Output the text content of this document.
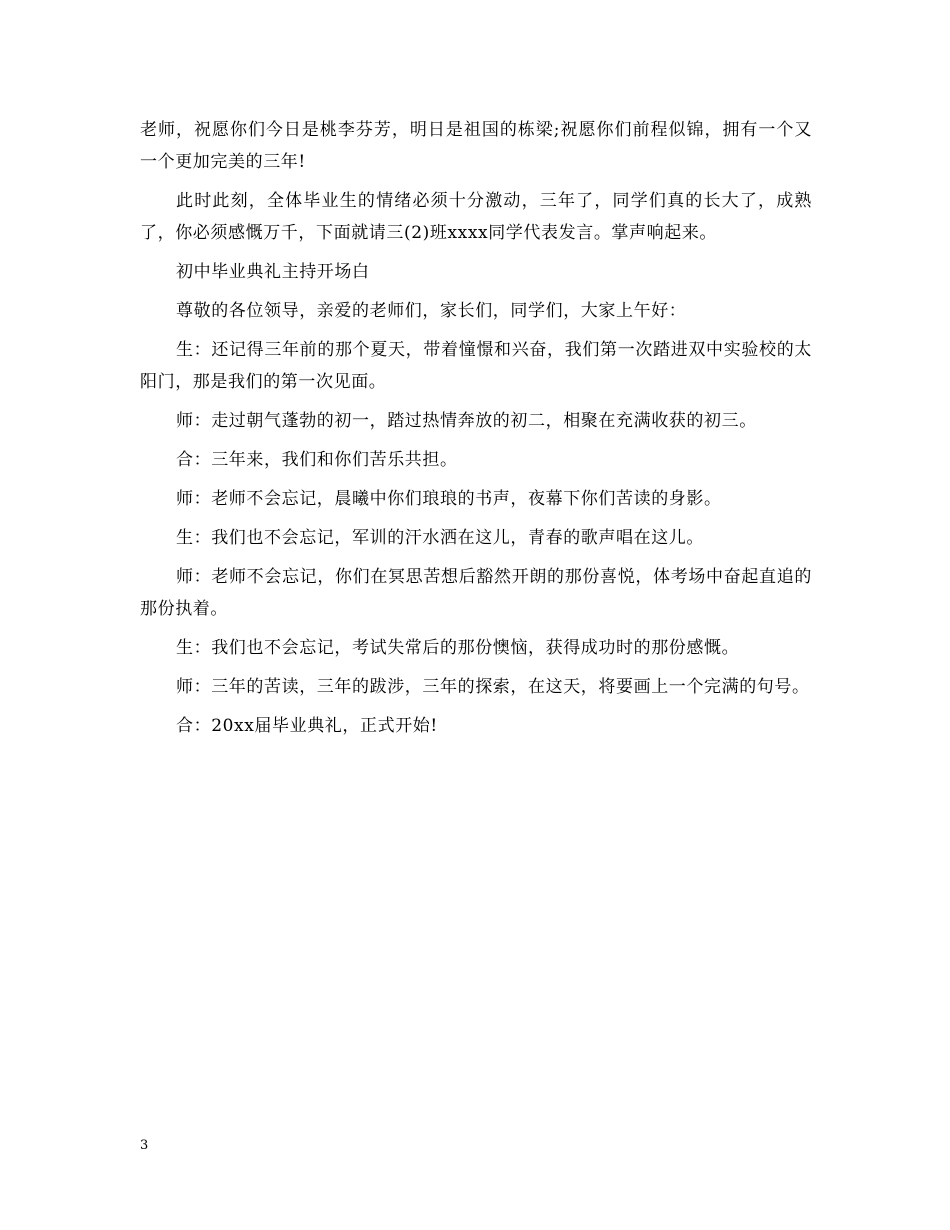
老师，祝愿你们今日是桃李芬芳，明日是祖国的栋梁;祝愿你们前程似锦，拥有一个又一个更加完美的三年!

此时此刻，全体毕业生的情绪必须十分激动，三年了，同学们真的长大了，成熟了，你必须感慨万千，下面就请三(2)班xxxx同学代表发言。掌声响起来。

初中毕业典礼主持开场白

尊敬的各位领导，亲爱的老师们，家长们，同学们，大家上午好：

生：还记得三年前的那个夏天，带着憧憬和兴奋，我们第一次踏进双中实验校的太阳门，那是我们的第一次见面。

师：走过朝气蓬勃的初一，踏过热情奔放的初二，相聚在充满收获的初三。

合：三年来，我们和你们苦乐共担。

师：老师不会忘记，晨曦中你们琅琅的书声，夜幕下你们苦读的身影。

生：我们也不会忘记，军训的汗水洒在这儿，青春的歌声唱在这儿。

师：老师不会忘记，你们在冥思苦想后豁然开朗的那份喜悦，体考场中奋起直追的那份执着。

生：我们也不会忘记，考试失常后的那份懊恼，获得成功时的那份感慨。

师：三年的苦读，三年的跋涉，三年的探索，在这天，将要画上一个完满的句号。

合：20xx届毕业典礼，正式开始!

3
